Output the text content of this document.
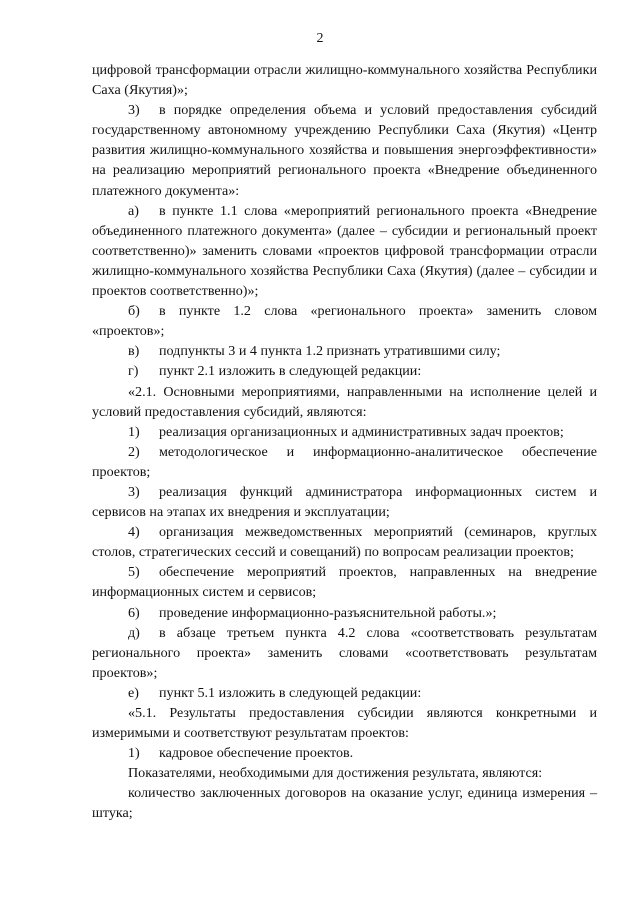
2

цифровой трансформации отрасли жилищно-коммунального хозяйства Республики Саха (Якутия)»;

3) в порядке определения объема и условий предоставления субсидий государственному автономному учреждению Республики Саха (Якутия) «Центр развития жилищно-коммунального хозяйства и повышения энергоэффективности» на реализацию мероприятий регионального проекта «Внедрение объединенного платежного документа»:

а) в пункте 1.1 слова «мероприятий регионального проекта «Внедрение объединенного платежного документа» (далее – субсидии и региональный проект соответственно)» заменить словами «проектов цифровой трансформации отрасли жилищно-коммунального хозяйства Республики Саха (Якутия) (далее – субсидии и проектов соответственно)»;

б) в пункте 1.2 слова «регионального проекта» заменить словом «проектов»;

в) подпункты 3 и 4 пункта 1.2 признать утратившими силу;

г) пункт 2.1 изложить в следующей редакции:

«2.1. Основными мероприятиями, направленными на исполнение целей и условий предоставления субсидий, являются:

1) реализация организационных и административных задач проектов;

2) методологическое и информационно-аналитическое обеспечение проектов;

3) реализация функций администратора информационных систем и сервисов на этапах их внедрения и эксплуатации;

4) организация межведомственных мероприятий (семинаров, круглых столов, стратегических сессий и совещаний) по вопросам реализации проектов;

5) обеспечение мероприятий проектов, направленных на внедрение информационных систем и сервисов;

6) проведение информационно-разъяснительной работы.»;

д) в абзаце третьем пункта 4.2 слова «соответствовать результатам регионального проекта» заменить словами «соответствовать результатам проектов»;

е) пункт 5.1 изложить в следующей редакции:

«5.1. Результаты предоставления субсидии являются конкретными и измеримыми и соответствуют результатам проектов:

1) кадровое обеспечение проектов.

Показателями, необходимыми для достижения результата, являются:

количество заключенных договоров на оказание услуг, единица измерения – штука;
